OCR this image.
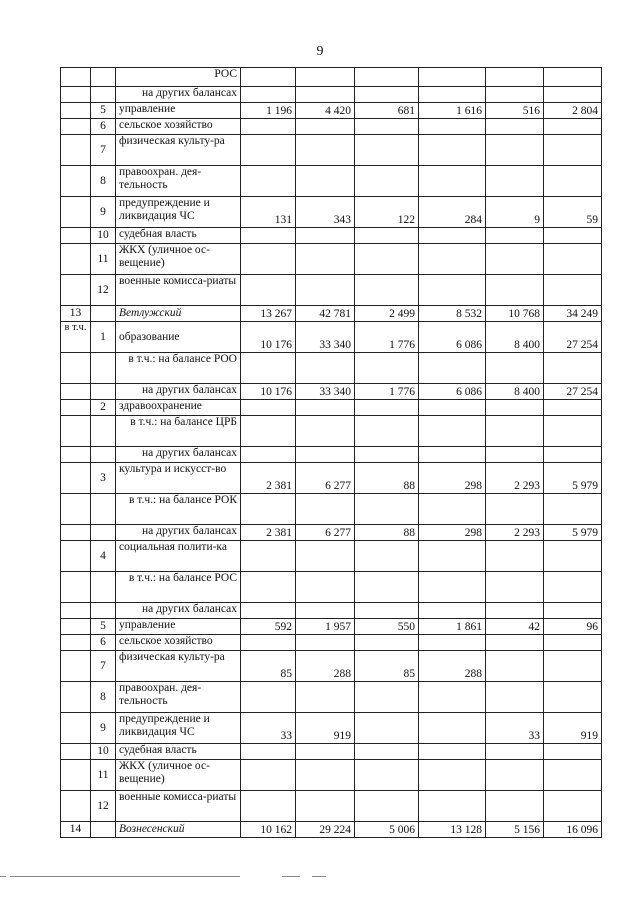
9
		РОС						
		на других балансах						
	5	управление	1 196	4 420	681	1 616	516	2 804
	6	сельское хозяйство						
	7	физическая культу-ра						
	8	правоохран. дея-тельность						
	9	предупреждение и ликвидация ЧС	131	343	122	284	9	59
	10	судебная власть						
	11	ЖКХ (уличное ос-вещение)						
	12	военные комисса-риаты						
13		Ветлужский	13 267	42 781	2 499	8 532	10 768	34 249
в т.ч.	1	образование	10 176	33 340	1 776	6 086	8 400	27 254
		в т.ч.: на балансе РОО						
		на других балансах	10 176	33 340	1 776	6 086	8 400	27 254
	2	здравоохранение						
		в т.ч.: на балансе ЦРБ						
		на других балансах						
	3	культура и искусст-во	2 381	6 277	88	298	2 293	5 979
		в т.ч.: на балансе РОК						
		на других балансах	2 381	6 277	88	298	2 293	5 979
	4	социальная полити-ка						
		в т.ч.: на балансе РОС						
		на других балансах						
	5	управление	592	1 957	550	1 861	42	96
	6	сельское хозяйство						
	7	физическая культу-ра	85	288	85	288		
	8	правоохран. дея-тельность						
	9	предупреждение и ликвидация ЧС	33	919			33	919
	10	судебная власть						
	11	ЖКХ (уличное ос-вещение)						
	12	военные комисса-риаты						
14		Вознесенский	10 162	29 224	5 006	13 128	5 156	16 096
